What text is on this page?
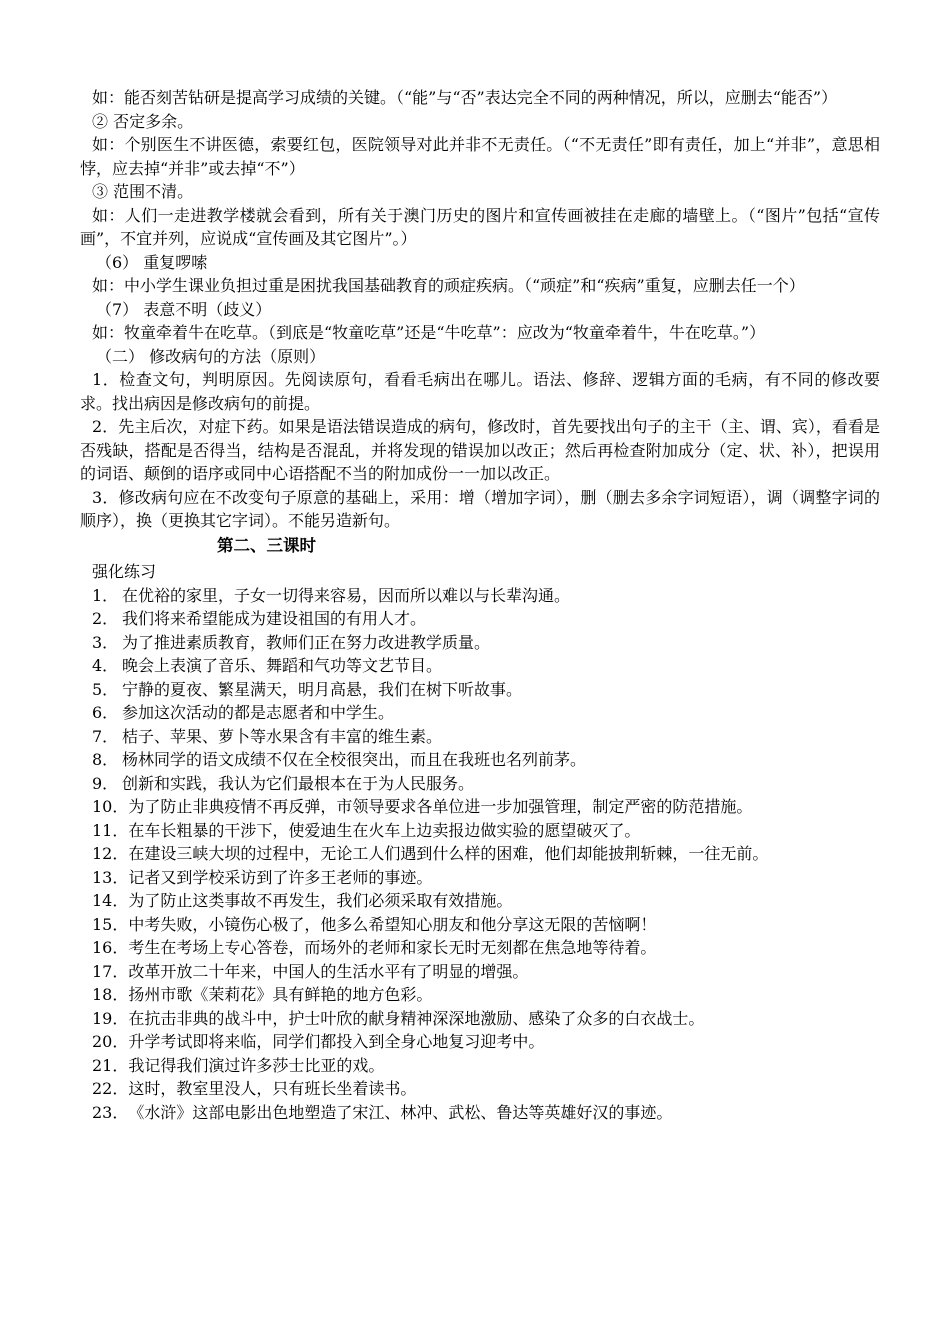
如：能否刻苦钻研是提高学习成绩的关键。（“能”与“否”表达完全不同的两种情况，所以，应删去“能否”）

② 否定多余。

如：个别医生不讲医德，索要红包，医院领导对此并非不无责任。（“不无责任”即有责任，加上“并非”，意思相悖，应去掉“并非”或去掉“不”）

③ 范围不清。

如：人们一走进教学楼就会看到，所有关于澳门历史的图片和宣传画被挂在走廊的墙壁上。（“图片”包括“宣传画”，不宜并列，应说成“宣传画及其它图片”。）

（6） 重复啰嗦

如：中小学生课业负担过重是困扰我国基础教育的顽症疾病。（“顽症”和“疾病”重复，应删去任一个）

（7） 表意不明（歧义）

如：牧童牵着牛在吃草。（到底是“牧童吃草”还是“牛吃草”：应改为“牧童牵着牛，牛在吃草。”）

（二） 修改病句的方法（原则）

1．检查文句，判明原因。先阅读原句，看看毛病出在哪儿。语法、修辞、逻辑方面的毛病，有不同的修改要求。找出病因是修改病句的前提。

2．先主后次，对症下药。如果是语法错误造成的病句，修改时，首先要找出句子的主干（主、谓、宾），看看是否残缺，搭配是否得当，结构是否混乱，并将发现的错误加以改正；然后再检查附加成分（定、状、补），把误用的词语、颠倒的语序或同中心语搭配不当的附加成份一一加以改正。

3．修改病句应在不改变句子原意的基础上，采用：增（增加字词），删（删去多余字词短语），调（调整字词的顺序），换（更换其它字词）。不能另造新句。

第二、三课时

强化练习

1． 在优裕的家里，子女一切得来容易，因而所以难以与长辈沟通。

2． 我们将来希望能成为建设祖国的有用人才。

3． 为了推进素质教育，教师们正在努力改进教学质量。

4． 晚会上表演了音乐、舞蹈和气功等文艺节目。

5． 宁静的夏夜、繁星满天，明月高悬，我们在树下听故事。

6． 参加这次活动的都是志愿者和中学生。

7． 桔子、苹果、萝卜等水果含有丰富的维生素。

8． 杨林同学的语文成绩不仅在全校很突出，而且在我班也名列前茅。

9． 创新和实践，我认为它们最根本在于为人民服务。

10．为了防止非典疫情不再反弹，市领导要求各单位进一步加强管理，制定严密的防范措施。

11．在车长粗暴的干涉下，使爱迪生在火车上边卖报边做实验的愿望破灭了。

12．在建设三峡大坝的过程中，无论工人们遇到什么样的困难，他们却能披荆斩棘，一往无前。

13．记者又到学校采访到了许多王老师的事迹。

14．为了防止这类事故不再发生，我们必须采取有效措施。

15．中考失败，小镜伤心极了，他多么希望知心朋友和他分享这无限的苦恼啊！

16．考生在考场上专心答卷，而场外的老师和家长无时无刻都在焦急地等待着。

17．改革开放二十年来，中国人的生活水平有了明显的增强。

18．扬州市歌《茉莉花》具有鲜艳的地方色彩。

19．在抗击非典的战斗中，护士叶欣的献身精神深深地激励、感染了众多的白衣战士。

20．升学考试即将来临，同学们都投入到全身心地复习迎考中。

21．我记得我们演过许多莎士比亚的戏。

22．这时，教室里没人，只有班长坐着读书。

23．《水浒》这部电影出色地塑造了宋江、林冲、武松、鲁达等英雄好汉的事迹。
